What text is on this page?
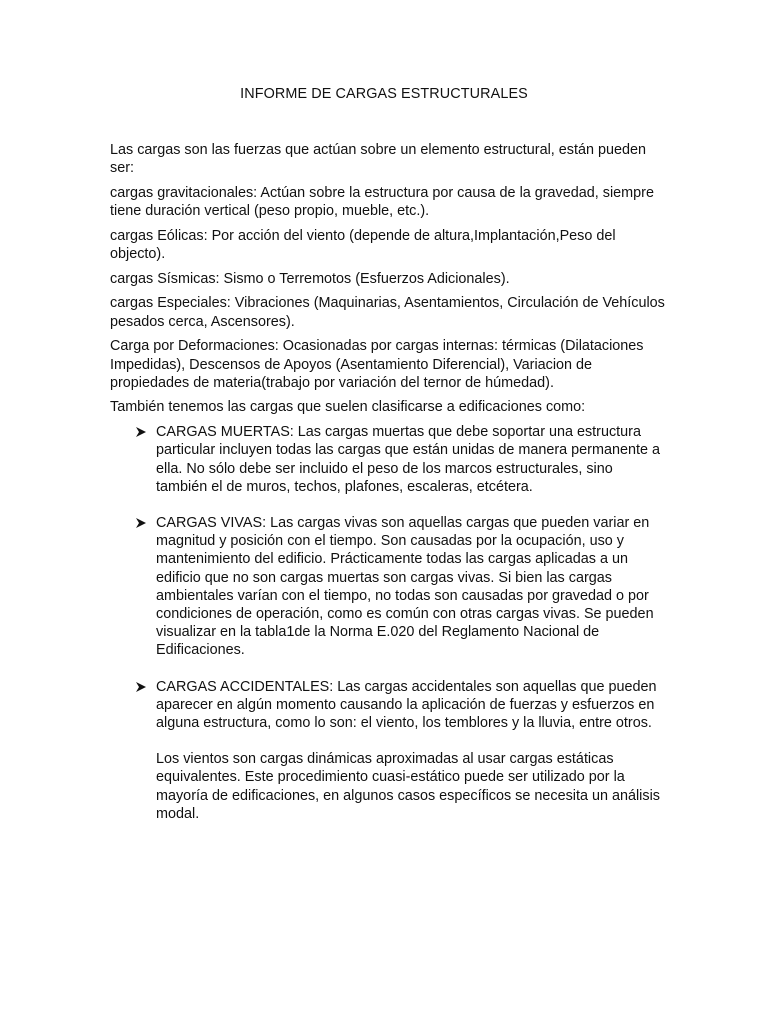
INFORME DE CARGAS ESTRUCTURALES

Las cargas son las fuerzas que actúan sobre un elemento estructural, están pueden ser:

cargas gravitacionales: Actúan sobre la estructura por causa de la gravedad, siempre tiene duración vertical (peso propio, mueble, etc.).

cargas Eólicas: Por acción del viento (depende de altura,Implantación,Peso del objecto).

cargas Sísmicas: Sismo o Terremotos (Esfuerzos Adicionales).

cargas Especiales: Vibraciones (Maquinarias, Asentamientos, Circulación de Vehículos pesados cerca, Ascensores).

Carga por Deformaciones: Ocasionadas por cargas internas: térmicas (Dilataciones Impedidas), Descensos de Apoyos (Asentamiento Diferencial), Variacion de propiedades de materia(trabajo por variación del ternor de húmedad).

También tenemos las cargas que suelen clasificarse a edificaciones como:

CARGAS MUERTAS: Las cargas muertas que debe soportar una estructura particular incluyen todas las cargas que están unidas de manera permanente a ella. No sólo debe ser incluido el peso de los marcos estructurales, sino también el de muros, techos, plafones, escaleras, etcétera.

CARGAS VIVAS: Las cargas vivas son aquellas cargas que pueden variar en magnitud y posición con el tiempo. Son causadas por la ocupación, uso y mantenimiento del edificio. Prácticamente todas las cargas aplicadas a un edificio que no son cargas muertas son cargas vivas. Si bien las cargas ambientales varían con el tiempo, no todas son causadas por gravedad o por condiciones de operación, como es común con otras cargas vivas. Se pueden visualizar en la tabla1de la Norma E.020 del Reglamento Nacional de Edificaciones.

CARGAS ACCIDENTALES: Las cargas accidentales son aquellas que pueden aparecer en algún momento causando la aplicación de fuerzas y esfuerzos en alguna estructura, como lo son: el viento, los temblores y la lluvia, entre otros.

Los vientos son cargas dinámicas aproximadas al usar cargas estáticas equivalentes. Este procedimiento cuasi-estático puede ser utilizado por la mayoría de edificaciones, en algunos casos específicos se necesita un análisis modal.
